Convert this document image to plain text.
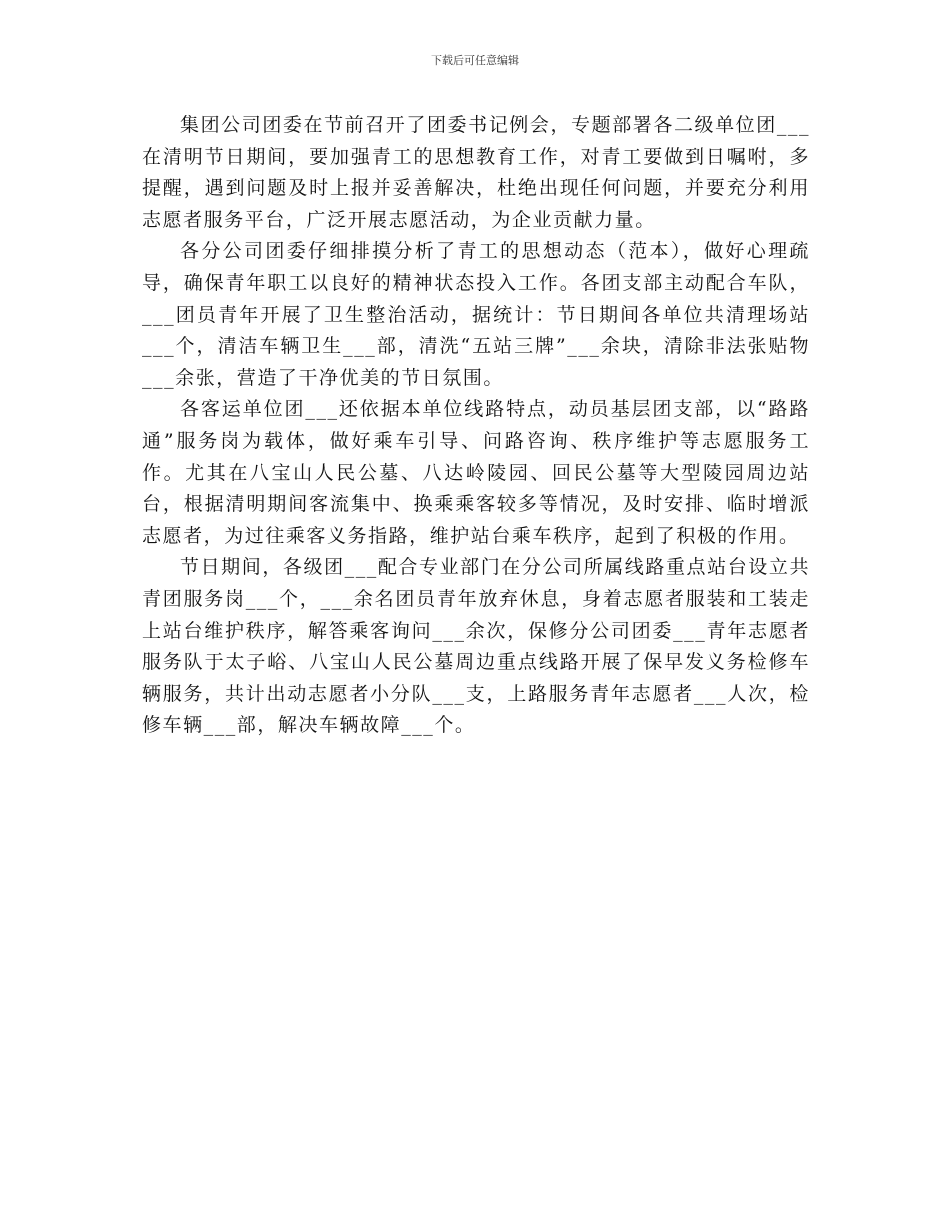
下载后可任意编辑

集团公司团委在节前召开了团委书记例会，专题部署各二级单位团___在清明节日期间，要加强青工的思想教育工作，对青工要做到日嘱咐，多提醒，遇到问题及时上报并妥善解决，杜绝出现任何问题，并要充分利用志愿者服务平台，广泛开展志愿活动，为企业贡献力量。

各分公司团委仔细排摸分析了青工的思想动态（范本），做好心理疏导，确保青年职工以良好的精神状态投入工作。各团支部主动配合车队，___团员青年开展了卫生整治活动，据统计：节日期间各单位共清理场站___个，清洁车辆卫生___部，清洗“五站三牌”___余块，清除非法张贴物___余张，营造了干净优美的节日氛围。

各客运单位团___还依据本单位线路特点，动员基层团支部，以“路路通”服务岗为载体，做好乘车引导、问路咨询、秩序维护等志愿服务工作。尤其在八宝山人民公墓、八达岭陵园、回民公墓等大型陵园周边站台，根据清明期间客流集中、换乘乘客较多等情况，及时安排、临时增派志愿者，为过往乘客义务指路，维护站台乘车秩序，起到了积极的作用。

节日期间，各级团___配合专业部门在分公司所属线路重点站台设立共青团服务岗___个，___余名团员青年放弃休息，身着志愿者服装和工装走上站台维护秩序，解答乘客询问___余次，保修分公司团委___青年志愿者服务队于太子峪、八宝山人民公墓周边重点线路开展了保早发义务检修车辆服务，共计出动志愿者小分队___支，上路服务青年志愿者___人次，检修车辆___部，解决车辆故障___个。
